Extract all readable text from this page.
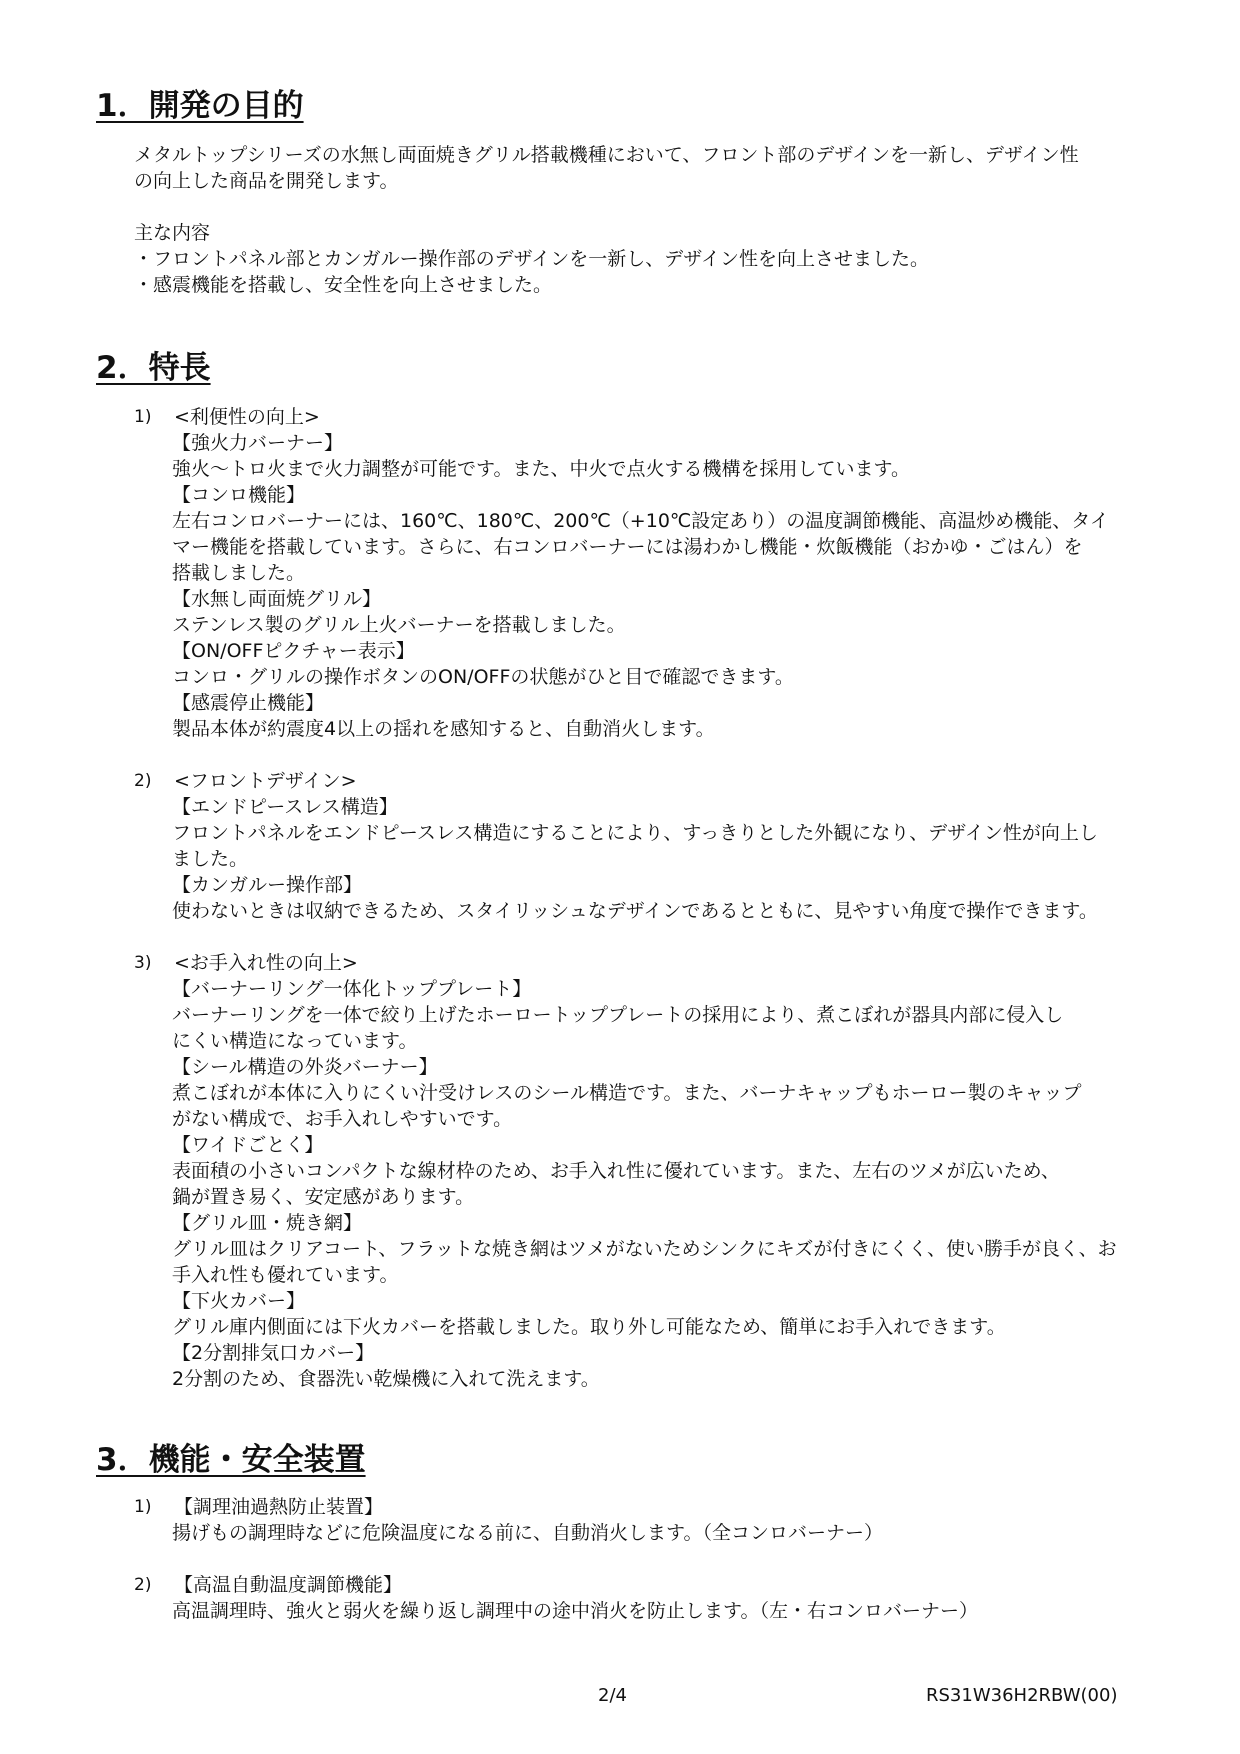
1．開発の目的
メタルトップシリーズの水無し両面焼きグリル搭載機種において、フロント部のデザインを一新し、デザイン性
の向上した商品を開発します。
主な内容
・フロントパネル部とカンガルー操作部のデザインを一新し、デザイン性を向上させました。
・感震機能を搭載し、安全性を向上させました。
2．特長
1) <利便性の向上>
【強火力バーナー】
強火～トロ火まで火力調整が可能です。また、中火で点火する機構を採用しています。
【コンロ機能】
左右コンロバーナーには、160℃、180℃、200℃（+10℃設定あり）の温度調節機能、高温炒め機能、タイ
マー機能を搭載しています。さらに、右コンロバーナーには湯わかし機能・炊飯機能（おかゆ・ごはん）を
搭載しました。
【水無し両面焼グリル】
ステンレス製のグリル上火バーナーを搭載しました。
【ON/OFFピクチャー表示】
コンロ・グリルの操作ボタンのON/OFFの状態がひと目で確認できます。
【感震停止機能】
製品本体が約震度4以上の揺れを感知すると、自動消火します。
2) <フロントデザイン>
【エンドピースレス構造】
フロントパネルをエンドピースレス構造にすることにより、すっきりとした外観になり、デザイン性が向上し
ました。
【カンガルー操作部】
使わないときは収納できるため、スタイリッシュなデザインであるとともに、見やすい角度で操作できます。
3) <お手入れ性の向上>
【バーナーリング一体化トッププレート】
バーナーリングを一体で絞り上げたホーロートッププレートの採用により、煮こぼれが器具内部に侵入し
にくい構造になっています。
【シール構造の外炎バーナー】
煮こぼれが本体に入りにくい汁受けレスのシール構造です。また、バーナキャップもホーロー製のキャップ
がない構成で、お手入れしやすいです。
【ワイドごとく】
表面積の小さいコンパクトな線材枠のため、お手入れ性に優れています。また、左右のツメが広いため、
鍋が置き易く、安定感があります。
【グリル皿・焼き網】
グリル皿はクリアコート、フラットな焼き網はツメがないためシンクにキズが付きにくく、使い勝手が良く、お
手入れ性も優れています。
【下火カバー】
グリル庫内側面には下火カバーを搭載しました。取り外し可能なため、簡単にお手入れできます。
【2分割排気口カバー】
2分割のため、食器洗い乾燥機に入れて洗えます。
3．機能・安全装置
1) 【調理油過熱防止装置】
揚げもの調理時などに危険温度になる前に、自動消火します。（全コンロバーナー）
2) 【高温自動温度調節機能】
高温調理時、強火と弱火を繰り返し調理中の途中消火を防止します。（左・右コンロバーナー）
2/4	RS31W36H2RBW(00)
